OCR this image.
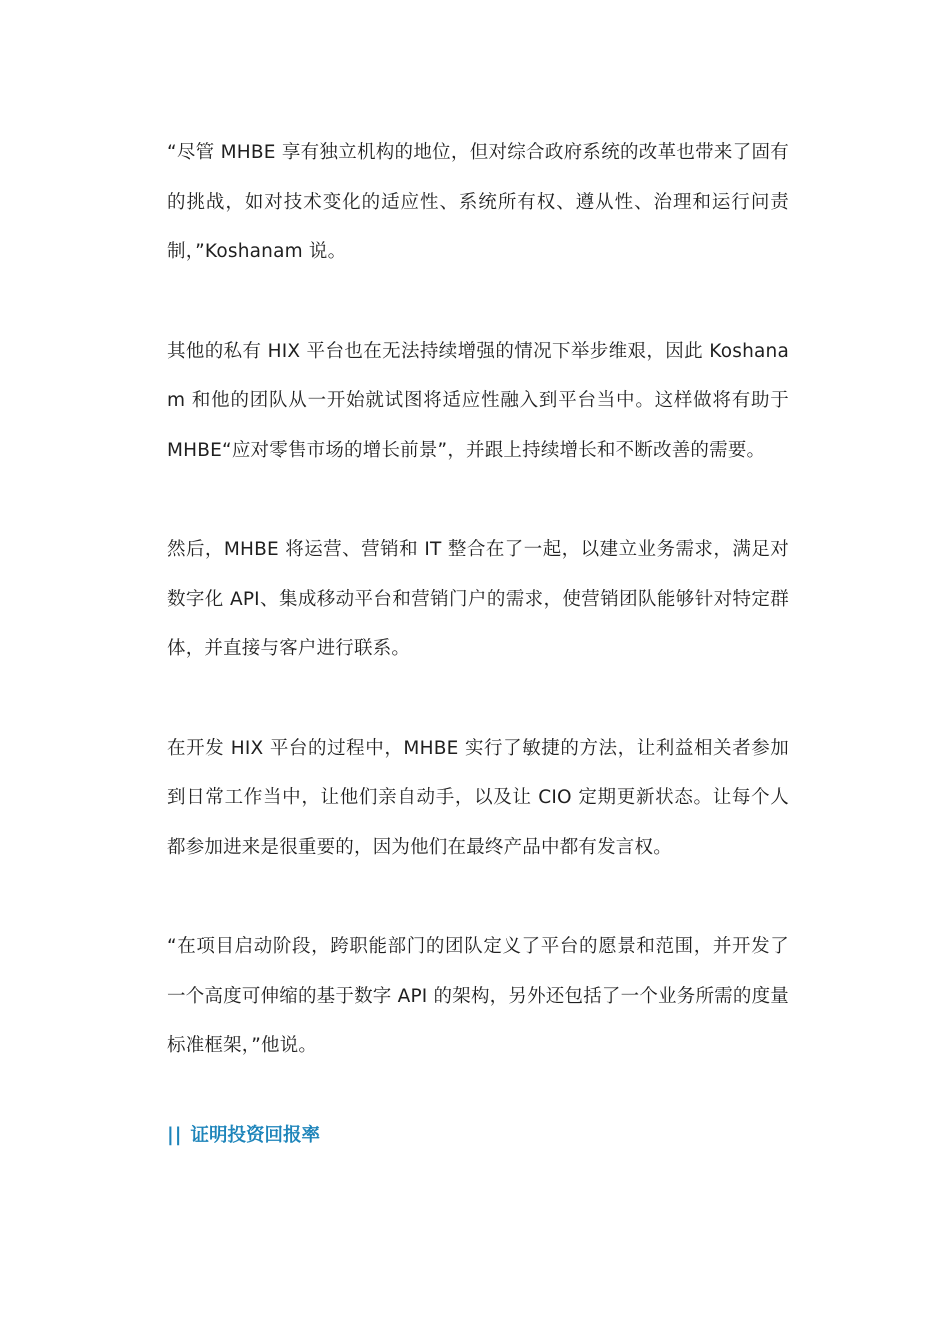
“尽管 MHBE 享有独立机构的地位，但对综合政府系统的改革也带来了固有的挑战，如对技术变化的适应性、系统所有权、遵从性、治理和运行问责制，”Koshanam 说。

其他的私有 HIX 平台也在无法持续增强的情况下举步维艰，因此 Koshanam 和他的团队从一开始就试图将适应性融入到平台当中。这样做将有助于 MHBE“应对零售市场的增长前景”，并跟上持续增长和不断改善的需要。

然后，MHBE 将运营、营销和 IT 整合在了一起，以建立业务需求，满足对数字化 API、集成移动平台和营销门户的需求，使营销团队能够针对特定群体，并直接与客户进行联系。

在开发 HIX 平台的过程中，MHBE 实行了敏捷的方法，让利益相关者参加到日常工作当中，让他们亲自动手，以及让 CIO 定期更新状态。让每个人都参加进来是很重要的，因为他们在最终产品中都有发言权。

“在项目启动阶段，跨职能部门的团队定义了平台的愿景和范围，并开发了一个高度可伸缩的基于数字 API 的架构，另外还包括了一个业务所需的度量标准框架，”他说。

|| 证明投资回报率
